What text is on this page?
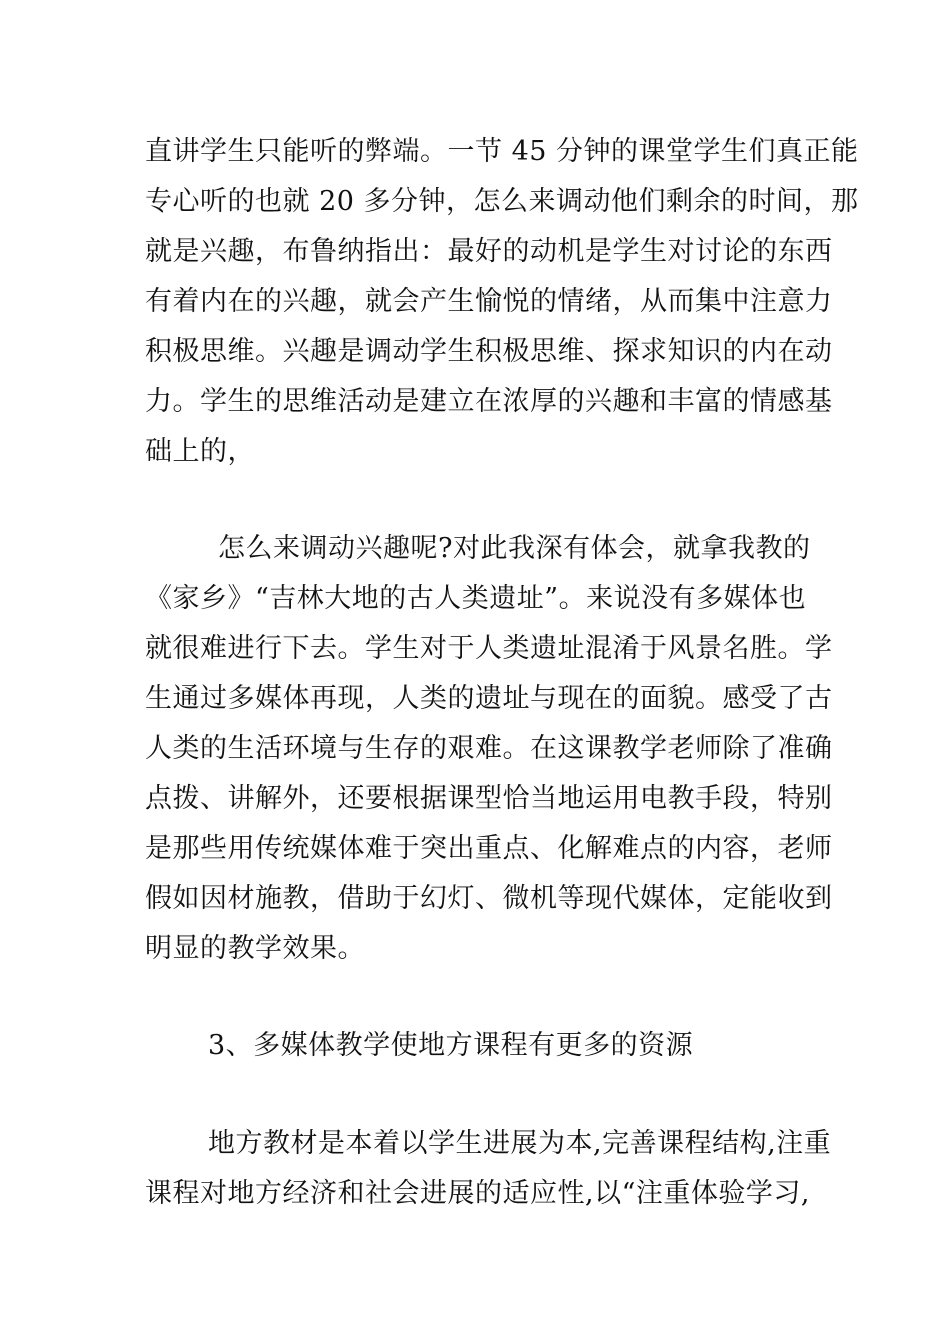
直讲学生只能听的弊端。一节 45 分钟的课堂学生们真正能
专心听的也就 20 多分钟，怎么来调动他们剩余的时间，那
就是兴趣，布鲁纳指出：最好的动机是学生对讨论的东西
有着内在的兴趣，就会产生愉悦的情绪，从而集中注意力
积极思维。兴趣是调动学生积极思维、探求知识的内在动
力。学生的思维活动是建立在浓厚的兴趣和丰富的情感基
础上的，
怎么来调动兴趣呢?对此我深有体会，就拿我教的
《家乡》“吉林大地的古人类遗址”。来说没有多媒体也
就很难进行下去。学生对于人类遗址混淆于风景名胜。学
生通过多媒体再现，人类的遗址与现在的面貌。感受了古
人类的生活环境与生存的艰难。在这课教学老师除了准确
点拨、讲解外，还要根据课型恰当地运用电教手段，特别
是那些用传统媒体难于突出重点、化解难点的内容，老师
假如因材施教，借助于幻灯、微机等现代媒体，定能收到
明显的教学效果。
3、多媒体教学使地方课程有更多的资源
地方教材是本着以学生进展为本,完善课程结构,注重
课程对地方经济和社会进展的适应性,以“注重体验学习,
